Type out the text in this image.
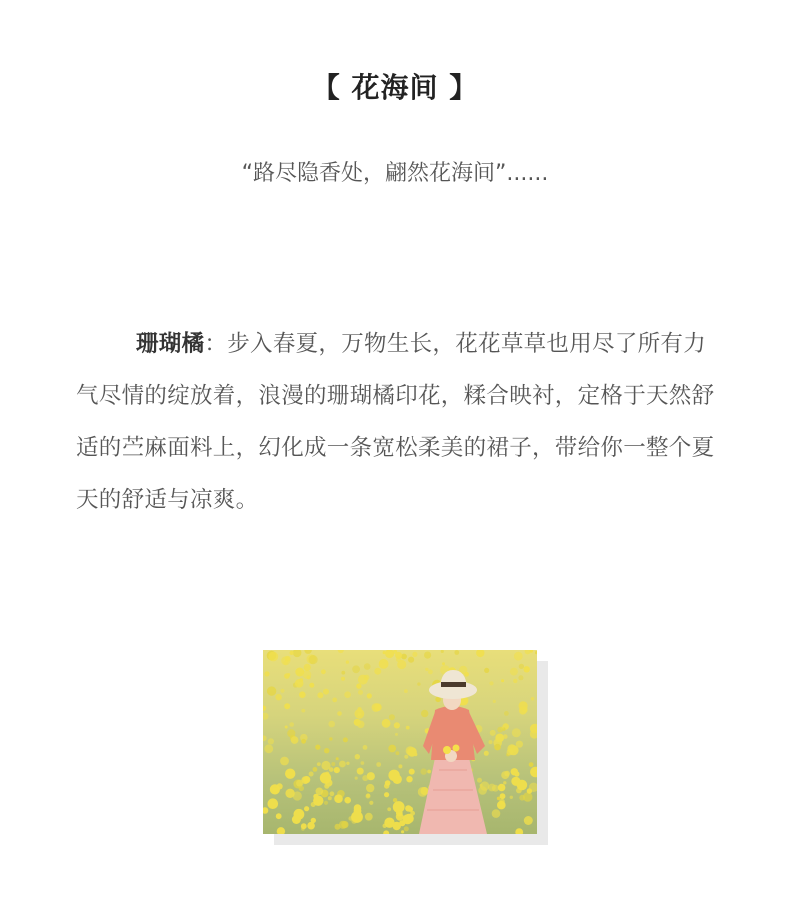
【 花海间 】
“路尽隐香处，翩然花海间”......

珊瑚橘：步入春夏，万物生长，花花草草也用尽了所有力气尽情的绽放着，浪漫的珊瑚橘印花，糅合映衬，定格于天然舒适的苎麻面料上，幻化成一条宽松柔美的裙子，带给你一整个夏天的舒适与凉爽。
